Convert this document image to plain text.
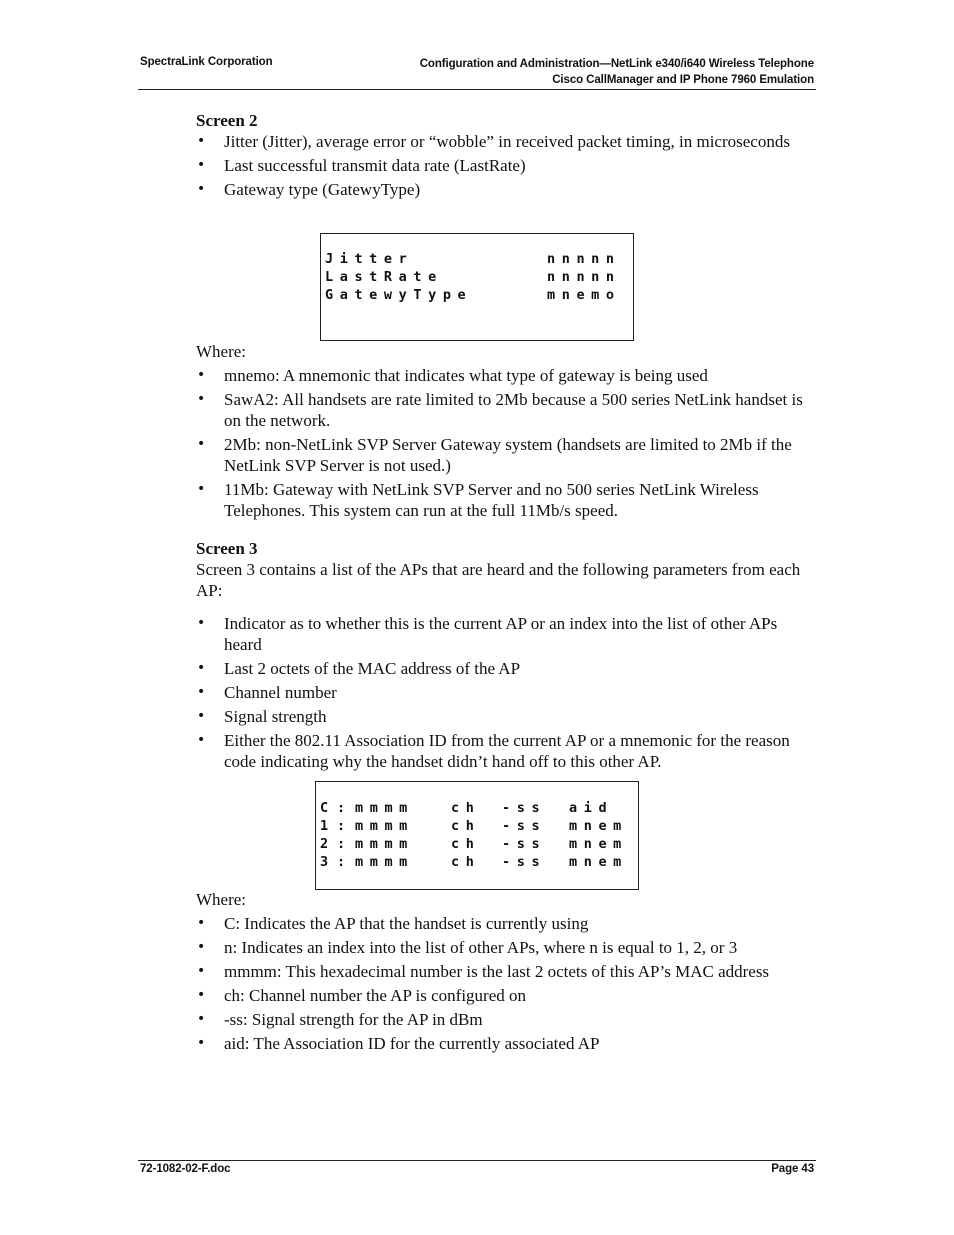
SpectraLink Corporation	Configuration and Administration—NetLink e340/i640 Wireless Telephone
Cisco CallManager and IP Phone 7960 Emulation
Screen 2
• Jitter (Jitter), average error or “wobble” in received packet timing, in microseconds
• Last successful transmit data rate (LastRate)
• Gateway type (GatewyType)
Jitter	nnnnn
LastRate	nnnnn
GatewyType	mnemo
Where:
• mnemo: A mnemonic that indicates what type of gateway is being used
• SawA2: All handsets are rate limited to 2Mb because a 500 series NetLink handset is on the network.
• 2Mb: non-NetLink SVP Server Gateway system (handsets are limited to 2Mb if the NetLink SVP Server is not used.)
• 11Mb: Gateway with NetLink SVP Server and no 500 series NetLink Wireless Telephones. This system can run at the full 11Mb/s speed.
Screen 3
Screen 3 contains a list of the APs that are heard and the following parameters from each AP:
• Indicator as to whether this is the current AP or an index into the list of other APs heard
• Last 2 octets of the MAC address of the AP
• Channel number
• Signal strength
• Either the 802.11 Association ID from the current AP or a mnemonic for the reason code indicating why the handset didn’t hand off to this other AP.
C : mmmm	ch -ss aid
1 : mmmm	ch -ss mnem
2 : mmmm	ch -ss mnem
3 : mmmm	ch -ss mnem
Where:
• C: Indicates the AP that the handset is currently using
• n: Indicates an index into the list of other APs, where n is equal to 1, 2, or 3
• mmmm: This hexadecimal number is the last 2 octets of this AP’s MAC address
• ch: Channel number the AP is configured on
• -ss: Signal strength for the AP in dBm
• aid: The Association ID for the currently associated AP
72-1082-02-F.doc	Page 43
